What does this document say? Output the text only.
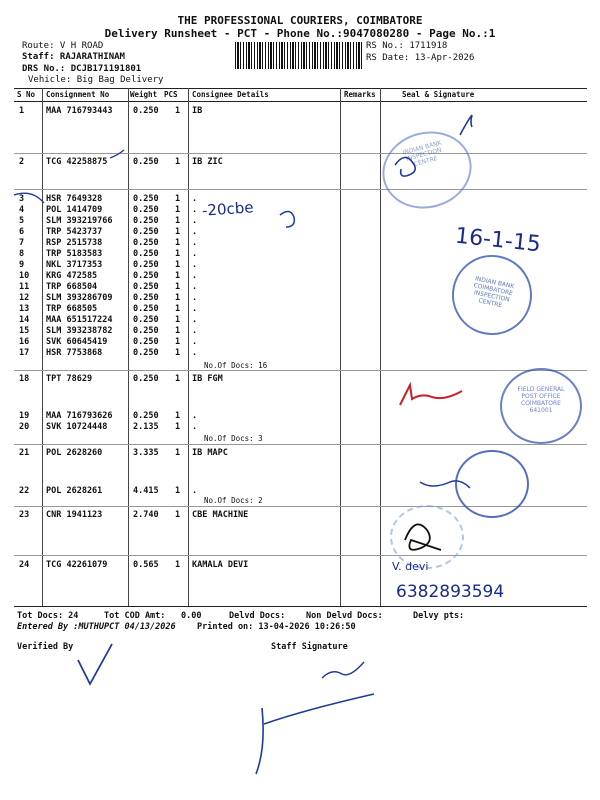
THE PROFESSIONAL COURIERS, COIMBATORE
Delivery Runsheet - PCT - Phone No.:9047080280 - Page No.:1
Route: V H ROAD
Staff: RAJARATHINAM
DRS No.: DCJB171191801
Vehicle: Big Bag Delivery
RS No.: 1711918
RS Date: 13-Apr-2026
S No Consignment No	Weight PCS Consignee Details	Remarks	Seal & Signature
1	MAA 716793443 0.250 1 IB
2	TCG 42258875	0.250 1 IB ZIC
3	HSR 7649328	0.250 1 .
4	POL 1414709	0.250 1 .
5	SLM 393219766 0.250 1 .
6	TRP 5423737	0.250 1 .
7	RSP 2515738	0.250 1 .
8	TRP 5183583	0.250 1 .
9	NKL 3717353	0.250 1 .
10 KRG 472585	0.250 1 .
11 TRP 668504	0.250 1 .
12 SLM 393286709 0.250 1 .
13 TRP 668505	0.250 1 .
14 MAA 651517224 0.250 1 .
15 SLM 393238782 0.250 1 .
16 SVK 60645419	0.250 1 .
17 HSR 7753868	0.250 1 .
18 TPT 78629	0.250 1 IB FGM
19 MAA 716793626 0.250 1 .
20 SVK 10724448	2.135 1 .
21 POL 2628260	3.335 1 IB MAPC
22 POL 2628261	4.415 1 .
23 CNR 1941123	2.740 1 CBE MACHINE
24 TCG 42261079	0.565 1 KAMALA DEVI
No.Of Docs: 16
No.Of Docs: 3
No.Of Docs: 2
INDIAN BANK INSPECTION CENTRE
INDIAN BANK COIMBATORE INSPECTION CENTRE
FIELD GENERAL POST OFFICE COIMBATORE 641001
-20cbe
16-1-15
V. devi
6382893594
Tot Docs: 24	Tot COD Amt: 0.00	Delvd Docs: Non Delvd Docs:	Delvy pts:
Entered By :MUTHUPCT 04/13/2026	Printed on: 13-04-2026 10:26:50
Verified By	Staff Signature
